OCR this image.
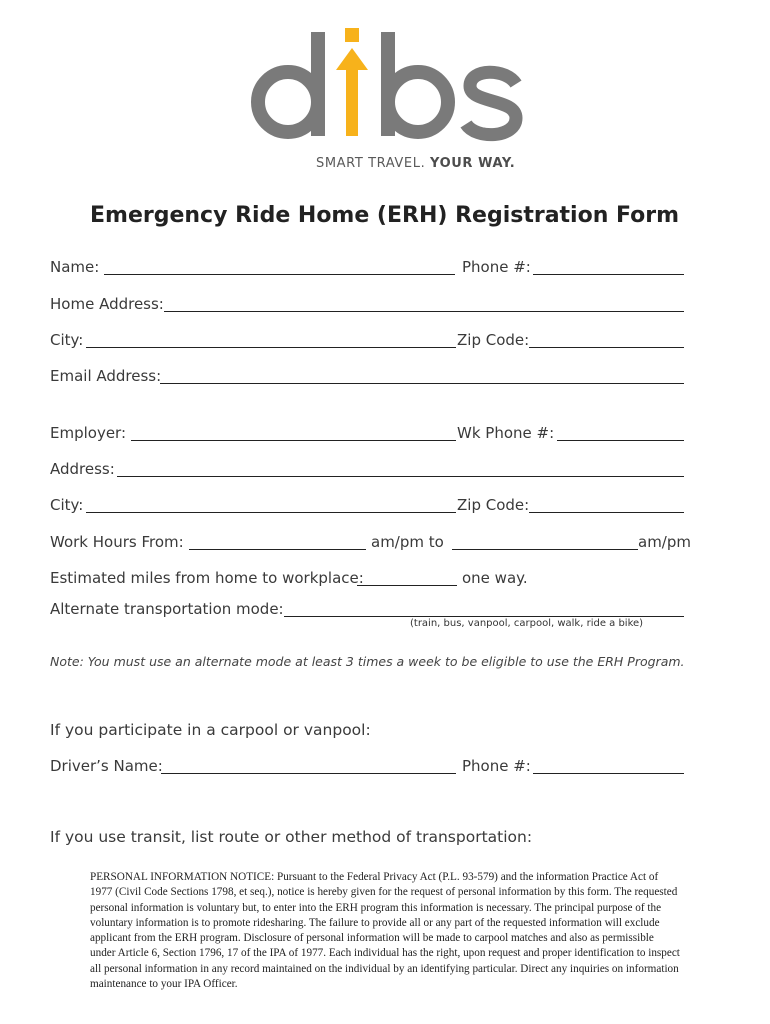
SMART TRAVEL. YOUR WAY.
Emergency Ride Home (ERH) Registration Form
Name:	Phone #:
Home Address:
City:	Zip Code:
Email Address:
Employer:	Wk Phone #:
Address:
City:	Zip Code:
Work Hours From:	am/pm to	am/pm
Estimated miles from home to workplace:	one way.
Alternate transportation mode:
(train, bus, vanpool, carpool, walk, ride a bike)
Note: You must use an alternate mode at least 3 times a week to be eligible to use the ERH Program.
If you participate in a carpool or vanpool:
Driver’s Name:	Phone #:
If you use transit, list route or other method of transportation:
PERSONAL INFORMATION NOTICE: Pursuant to the Federal Privacy Act (P.L. 93-579) and the information Practice Act of 1977 (Civil Code Sections 1798, et seq.), notice is hereby given for the request of personal information by this form. The requested personal information is voluntary but, to enter into the ERH program this information is necessary. The principal purpose of the voluntary information is to promote ridesharing. The failure to provide all or any part of the requested information will exclude applicant from the ERH program. Disclosure of personal information will be made to carpool matches and also as permissible under Article 6, Section 1796, 17 of the IPA of 1977. Each individual has the right, upon request and proper identification to inspect all personal information in any record maintained on the individual by an identifying particular. Direct any inquiries on information maintenance to your IPA Officer.
